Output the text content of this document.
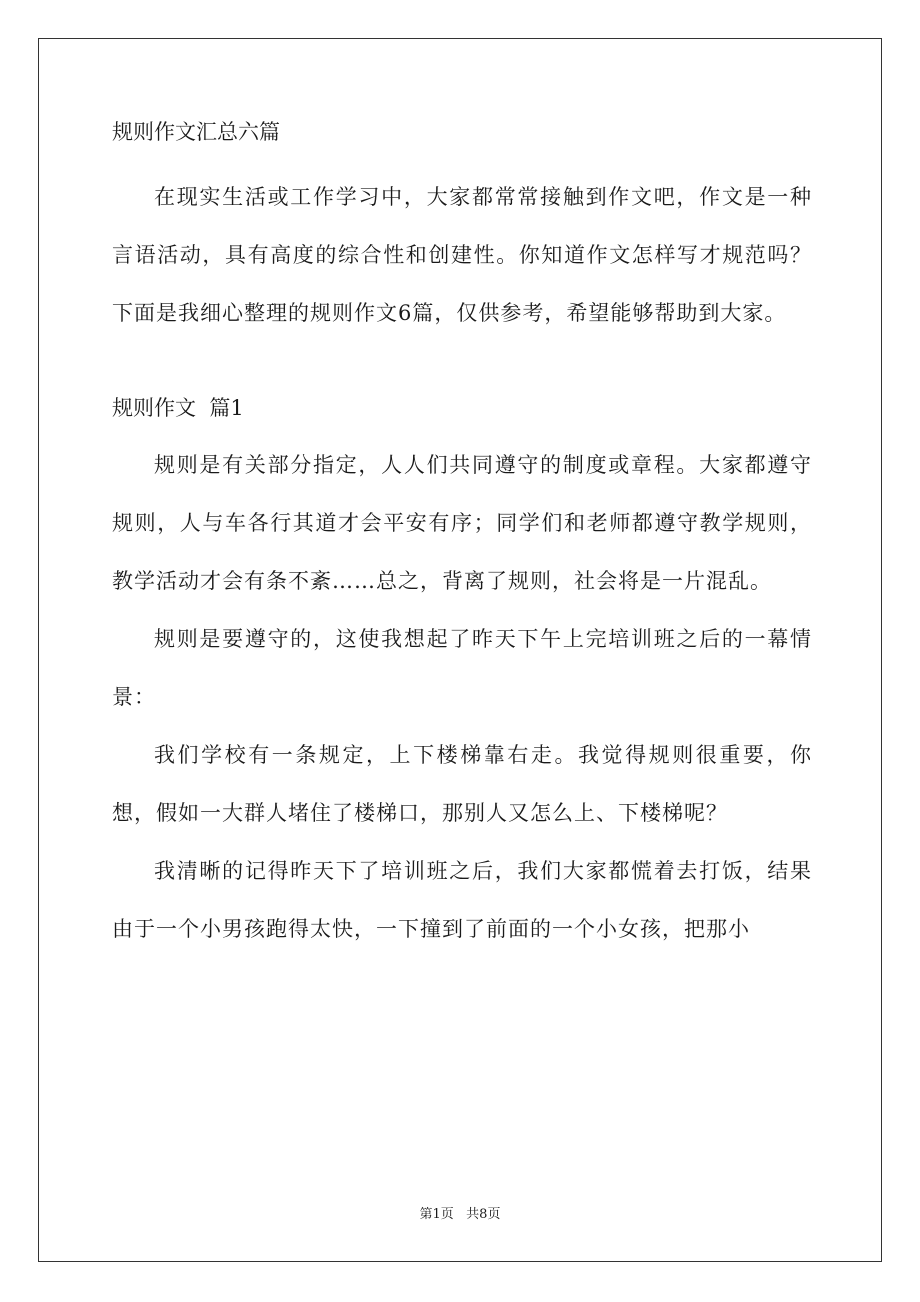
规则作文汇总六篇

在现实生活或工作学习中，大家都常常接触到作文吧，作文是一种言语活动，具有高度的综合性和创建性。你知道作文怎样写才规范吗？下面是我细心整理的规则作文6篇，仅供参考，希望能够帮助到大家。

规则作文  篇1

规则是有关部分指定，人人们共同遵守的制度或章程。大家都遵守规则，人与车各行其道才会平安有序；同学们和老师都遵守教学规则，教学活动才会有条不紊……总之，背离了规则，社会将是一片混乱。

规则是要遵守的，这使我想起了昨天下午上完培训班之后的一幕情景：

我们学校有一条规定，上下楼梯靠右走。我觉得规则很重要，你想，假如一大群人堵住了楼梯口，那别人又怎么上、下楼梯呢？

我清晰的记得昨天下了培训班之后，我们大家都慌着去打饭，结果由于一个小男孩跑得太快，一下撞到了前面的一个小女孩，把那小

第1页   共8页
